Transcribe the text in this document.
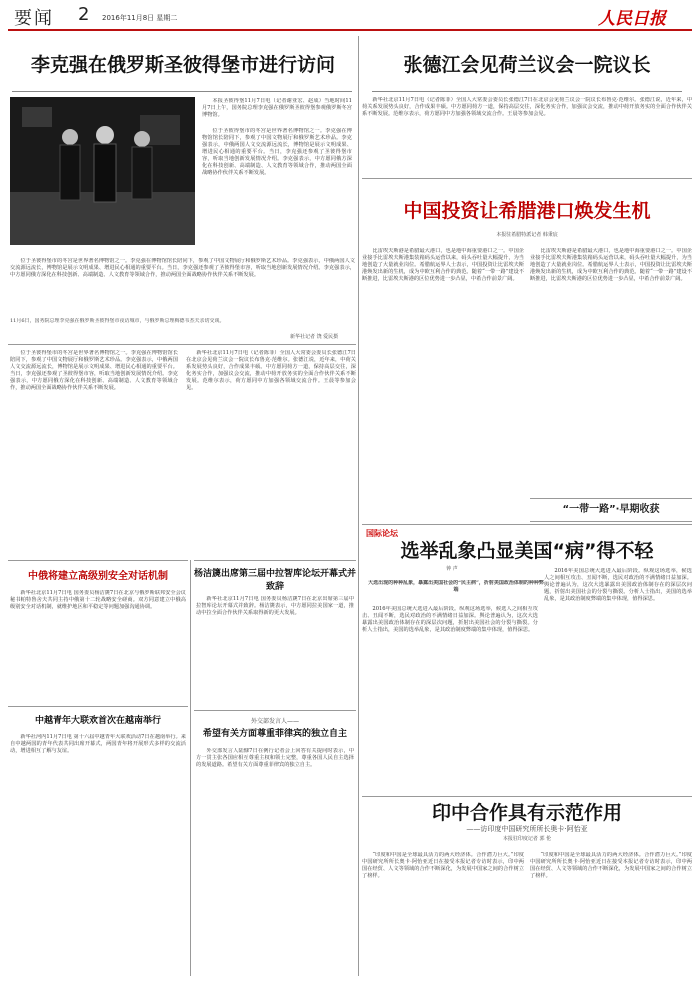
要闻 2 2016年11月8日 星期二	人民日报
李克强在俄罗斯圣彼得堡市进行访问
本报圣彼得堡11月7日电（记者谢亚宏、赵成）当地时间11月7日上午，国务院总理李克强在俄罗斯圣彼得堡参观俄罗斯冬宫博物馆。
位于圣彼得堡市的冬宫是世界著名博物馆之一。李克强在博物馆馆长陪同下，参观了中国文物展厅和俄罗斯艺术珍品。李克强表示，中俄两国人文交流源远流长，博物馆是展示文明成果、增进民心相通的重要平台。当日，李克强还参观了圣彼得堡市容，听取当地创新发展情况介绍。李克强表示，中方愿同俄方深化在科技创新、高端制造、人文教育等领域合作，推动两国全面战略协作伙伴关系不断发展。
位于圣彼得堡市的冬宫是世界著名博物馆之一。李克强在博物馆馆长陪同下，参观了中国文物展厅和俄罗斯艺术珍品。李克强表示，中俄两国人文交流源远流长，博物馆是展示文明成果、增进民心相通的重要平台。当日，李克强还参观了圣彼得堡市容，听取当地创新发展情况介绍。李克强表示，中方愿同俄方深化在科技创新、高端制造、人文教育等领域合作，推动两国全面战略协作伙伴关系不断发展。
11月6日，国务院总理李克强在俄罗斯圣彼得堡市夜访城市，与俄罗斯总理梅德韦杰夫亲切交谈。
新华社记者 饶 爱民摄
张德江会见荷兰议会一院议长
新华社北京11月7日电（记者陈菲）全国人大常委会委员长张德江7日在北京会见荷兰议会一院议长布鲁克·范维尔。张德江说，近年来，中荷关系发展势头良好，合作成果丰硕。中方愿同荷方一道，保持高层交往，深化务实合作，加强议会交流，推动中荷开放务实的全面合作伙伴关系不断发展。范维尔表示，荷方愿同中方加强各领域交流合作。王晨等参加会见。
中国投资让希腊港口焕发生机
本报驻希腊特派记者 韩秉宸
比雷埃夫斯港是希腊最大港口，也是地中海重要港口之一。中国企业接手比雷埃夫斯港集装箱码头运营以来，码头吞吐量大幅提升，为当地创造了大量就业岗位。希腊航运界人士表示，中国投资让比雷埃夫斯港焕发出新的生机，成为中欧互利合作的典范。随着“一带一路”建设不断推进，比雷埃夫斯港的区位优势进一步凸显，中希合作前景广阔。
比雷埃夫斯港是希腊最大港口，也是地中海重要港口之一。中国企业接手比雷埃夫斯港集装箱码头运营以来，码头吞吐量大幅提升，为当地创造了大量就业岗位。希腊航运界人士表示，中国投资让比雷埃夫斯港焕发出新的生机，成为中欧互利合作的典范。随着“一带一路”建设不断推进，比雷埃夫斯港的区位优势进一步凸显，中希合作前景广阔。
“一带一路”·早期收获
位于圣彼得堡市的冬宫是世界著名博物馆之一。李克强在博物馆馆长陪同下，参观了中国文物展厅和俄罗斯艺术珍品。李克强表示，中俄两国人文交流源远流长，博物馆是展示文明成果、增进民心相通的重要平台。当日，李克强还参观了圣彼得堡市容，听取当地创新发展情况介绍。李克强表示，中方愿同俄方深化在科技创新、高端制造、人文教育等领域合作，推动两国全面战略协作伙伴关系不断发展。
新华社北京11月7日电（记者陈菲）全国人大常委会委员长张德江7日在北京会见荷兰议会一院议长布鲁克·范维尔。张德江说，近年来，中荷关系发展势头良好，合作成果丰硕。中方愿同荷方一道，保持高层交往，深化务实合作，加强议会交流，推动中荷开放务实的全面合作伙伴关系不断发展。范维尔表示，荷方愿同中方加强各领域交流合作。王晨等参加会见。
国际论坛
选举乱象凸显美国“病”得不轻
钟 声
大选出现的种种乱象，暴露出美国社会的“民主病”，折射美国政治体制的种种弊端
2016年美国总统大选进入最后阶段。纵观这场选举，候选人之间相互攻击、丑闻不断，选民对政治的不满情绪日益加深。舆论普遍认为，这次大选暴露出美国政治体制存在的深层次问题，折射出美国社会的分裂与撕裂。分析人士指出，美国的选举乱象，是其政治制度弊端的集中体现，值得深思。
2016年美国总统大选进入最后阶段。纵观这场选举，候选人之间相互攻击、丑闻不断，选民对政治的不满情绪日益加深。舆论普遍认为，这次大选暴露出美国政治体制存在的深层次问题，折射出美国社会的分裂与撕裂。分析人士指出，美国的选举乱象，是其政治制度弊端的集中体现，值得深思。
中俄将建立高级别安全对话机制
新华社北京11月7日电 国务委员杨洁篪7日在北京与俄罗斯联邦安全会议秘书帕特鲁舍夫共同主持中俄第十二轮战略安全磋商。双方同意建立中俄高级别安全对话机制，就维护地区和平稳定等问题加强沟通协调。
中越青年大联欢首次在越南举行
新华社河内11月7日电 第十六届中越青年大联欢活动7日在越南举行。来自中越两国的青年代表共同出席开幕式，两国青年将开展形式多样的交流活动，增进相互了解与友谊。
杨洁篪出席第三届中拉智库论坛开幕式并致辞
新华社北京11月7日电 国务委员杨洁篪7日在北京出席第三届中拉智库论坛开幕式并致辞。杨洁篪表示，中方愿同拉美国家一道，推动中拉全面合作伙伴关系取得新的更大发展。
外交部发言人——
希望有关方面尊重菲律宾的独立自主
外交部发言人陆慷7日在例行记者会上回答有关提问时表示，中方一贯主张各国应相互尊重主权和领土完整，尊重各国人民自主选择的发展道路。希望有关方面尊重菲律宾的独立自主。
印中合作具有示范作用
——访印度中国研究所所长奥卡·阿怡亚
本报驻印度记者 郭 伦
“印度和中国是全球最具活力的两大经济体。合作潜力巨大。”印度中国研究所所长奥卡·阿怡亚近日在接受本报记者专访时表示，印中两国在经贸、人文等领域的合作不断深化，为发展中国家之间的合作树立了榜样。
“印度和中国是全球最具活力的两大经济体。合作潜力巨大。”印度中国研究所所长奥卡·阿怡亚近日在接受本报记者专访时表示，印中两国在经贸、人文等领域的合作不断深化，为发展中国家之间的合作树立了榜样。
